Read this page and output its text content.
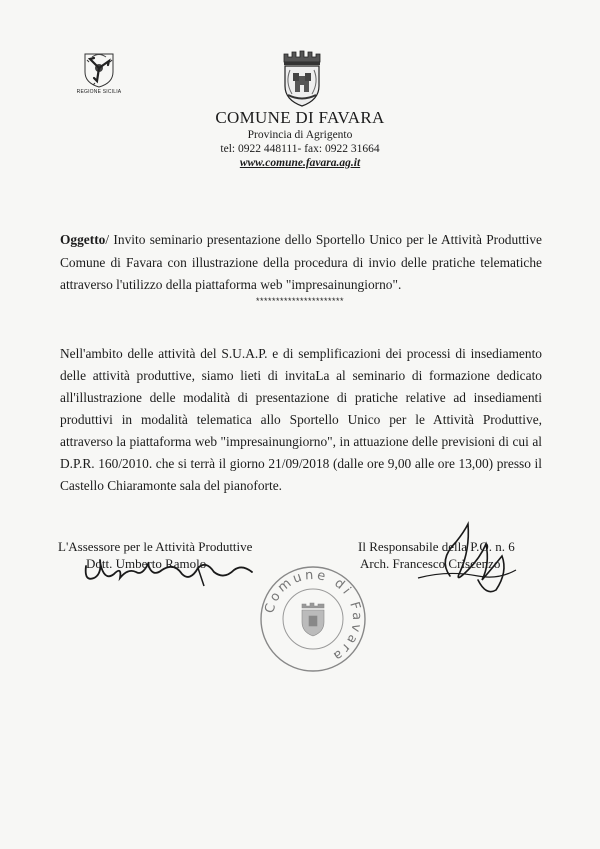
REGIONE SICILIA
COMUNE DI FAVARA
Provincia di Agrigento
tel: 0922 448111- fax: 0922 31664
www.comune.favara.ag.it
Oggetto/ Invito seminario presentazione dello Sportello Unico per le Attività Produttive Comune di Favara con illustrazione della procedura di invio delle pratiche telematiche attraverso l'utilizzo della piattaforma web "impresainungiorno".
**********************
Nell'ambito delle attività del S.U.A.P. e di semplificazioni dei processi di insediamento delle attività produttive, siamo lieti di invitaLa al seminario di formazione dedicato all'illustrazione delle modalità di presentazione di pratiche relative ad insediamenti produttivi in modalità telematica allo Sportello Unico per le Attività Produttive, attraverso la piattaforma web "impresainungiorno", in attuazione delle previsioni di cui al D.P.R. 160/2010. che si terrà il giorno 21/09/2018 (dalle ore 9,00 alle ore 13,00) presso il Castello Chiaramonte sala del pianoforte.
L'Assessore per le Attività Produttive
Dott. Umberto Ramolo
Il Responsabile della P.O. n. 6
Arch. Francesco Criscenzo
Comune di Favara
